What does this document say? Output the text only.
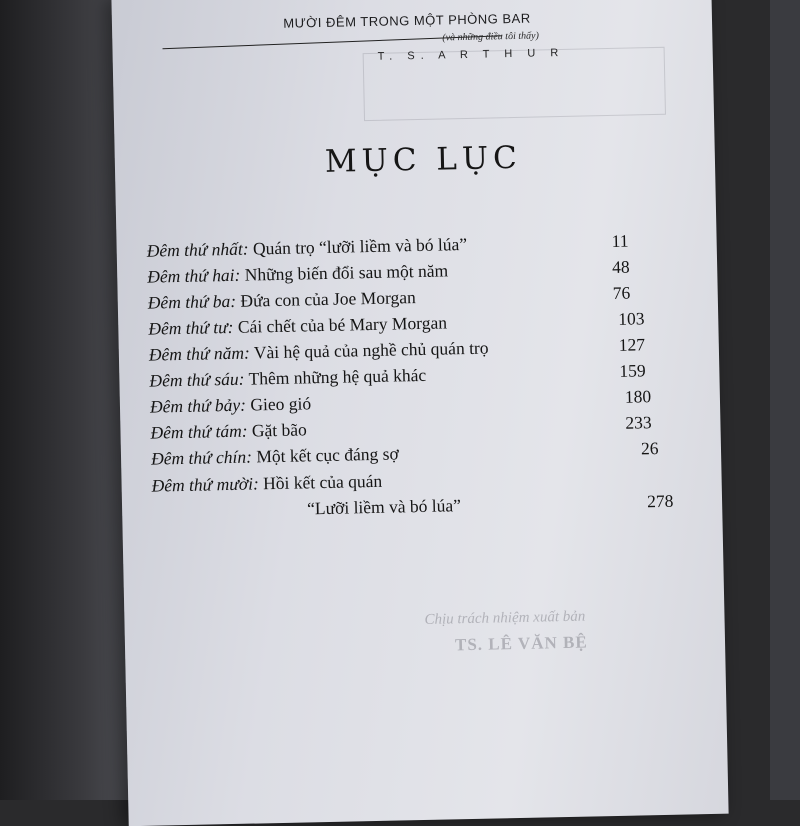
MƯỜI ĐÊM TRONG MỘT PHÒNG BAR
(và những điều tôi thấy)
T. S. A R T H U R
MỤC LỤC
Đêm thứ nhất: Quán trọ “lưỡi liềm và bó lúa”	11
Đêm thứ hai: Những biến đổi sau một năm	48
Đêm thứ ba: Đứa con của Joe Morgan	76
Đêm thứ tư: Cái chết của bé Mary Morgan	103
Đêm thứ năm: Vài hệ quả của nghề chủ quán trọ	127
Đêm thứ sáu: Thêm những hệ quả khác	159
Đêm thứ bảy: Gieo gió	180
Đêm thứ tám: Gặt bão	233
Đêm thứ chín: Một kết cục đáng sợ	26
Đêm thứ mười: Hồi kết của quán
“Lưỡi liềm và bó lúa”	278
Chịu trách nhiệm xuất bản
TS. LÊ VĂN BỆ
